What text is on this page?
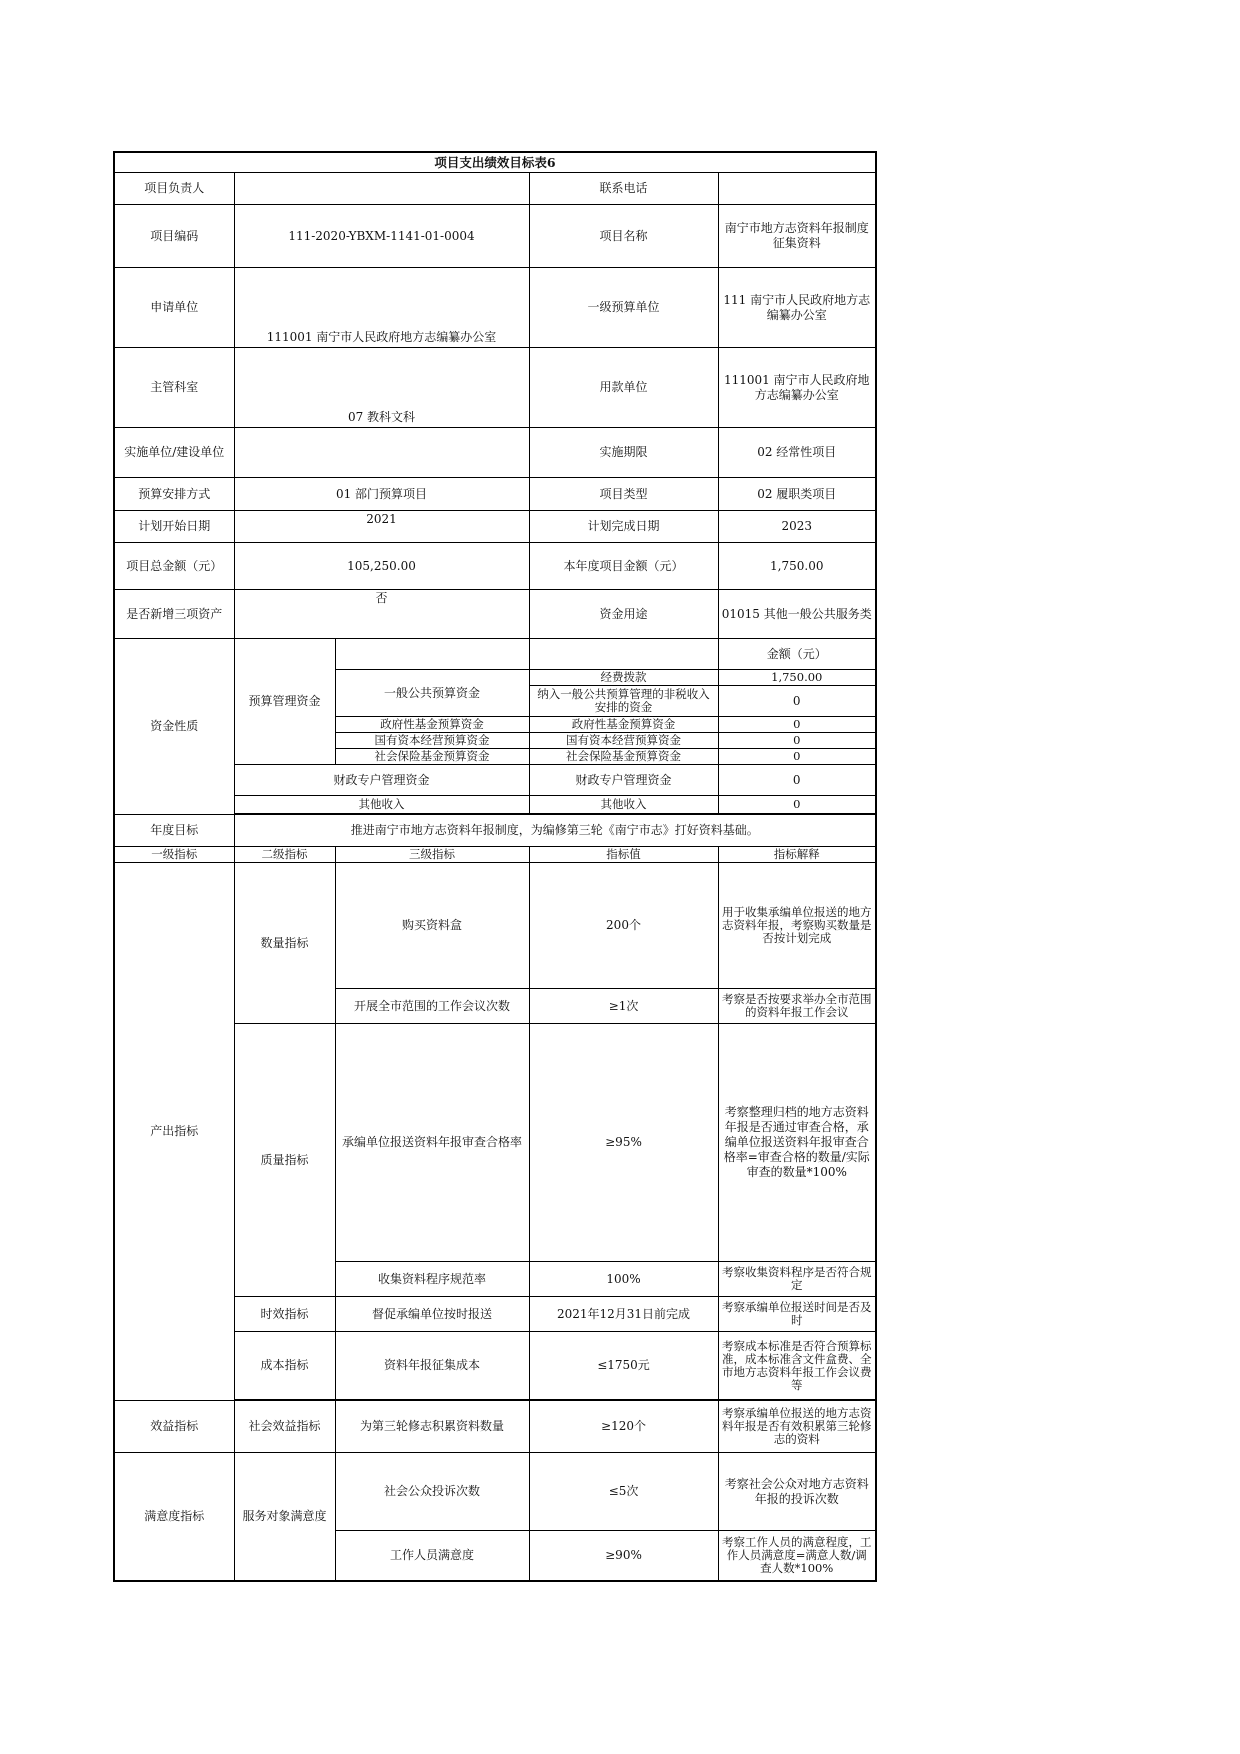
项目支出绩效目标表6				
项目负责人			联系电话	
项目编码	111-2020-YBXM-1141-01-0004		项目名称	南宁市地方志资料年报制度征集资料
申请单位	111001 南宁市人民政府地方志编纂办公室		一级预算单位	111 南宁市人民政府地方志编纂办公室
主管科室	07 教科文科		用款单位	111001 南宁市人民政府地方志编纂办公室
实施单位/建设单位			实施期限	02 经常性项目
预算安排方式	01 部门预算项目		项目类型	02 履职类项目
计划开始日期	2021		计划完成日期	2023
项目总金额（元）	105,250.00		本年度项目金额（元）	1,750.00
是否新增三项资产	否		资金用途	01015 其他一般公共服务类
资金性质	预算管理资金			金额（元）
		一般公共预算资金	经费拨款	1,750.00
			纳入一般公共预算管理的非税收入安排的资金	0
		政府性基金预算资金	政府性基金预算资金	0
		国有资本经营预算资金	国有资本经营预算资金	0
		社会保险基金预算资金	社会保险基金预算资金	0
	财政专户管理资金		财政专户管理资金	0
	其他收入		其他收入	0

年度目标	推进南宁市地方志资料年报制度，为编修第三轮《南宁市志》打好资料基础。			
一级指标	二级指标	三级指标	指标值	指标解释
产出指标	数量指标	购买资料盒	200个	用于收集承编单位报送的地方志资料年报，考察购买数量是否按计划完成
		开展全市范围的工作会议次数	≥1次	考察是否按要求举办全市范围的资料年报工作会议
	质量指标	承编单位报送资料年报审查合格率	≥95%	考察整理归档的地方志资料年报是否通过审查合格，承编单位报送资料年报审查合格率=审查合格的数量/实际审查的数量*100%
		收集资料程序规范率	100%	考察收集资料程序是否符合规定
	时效指标	督促承编单位按时报送	2021年12月31日前完成	考察承编单位报送时间是否及时
	成本指标	资料年报征集成本	≤1750元	考察成本标准是否符合预算标准，成本标准含文件盒费、全市地方志资料年报工作会议费等

效益指标	社会效益指标	为第三轮修志积累资料数量	≥120个	考察承编单位报送的地方志资料年报是否有效积累第三轮修志的资料
满意度指标	服务对象满意度	社会公众投诉次数	≤5次	考察社会公众对地方志资料年报的投诉次数
		工作人员满意度	≥90%	考察工作人员的满意程度，工作人员满意度=满意人数/调查人数*100%
